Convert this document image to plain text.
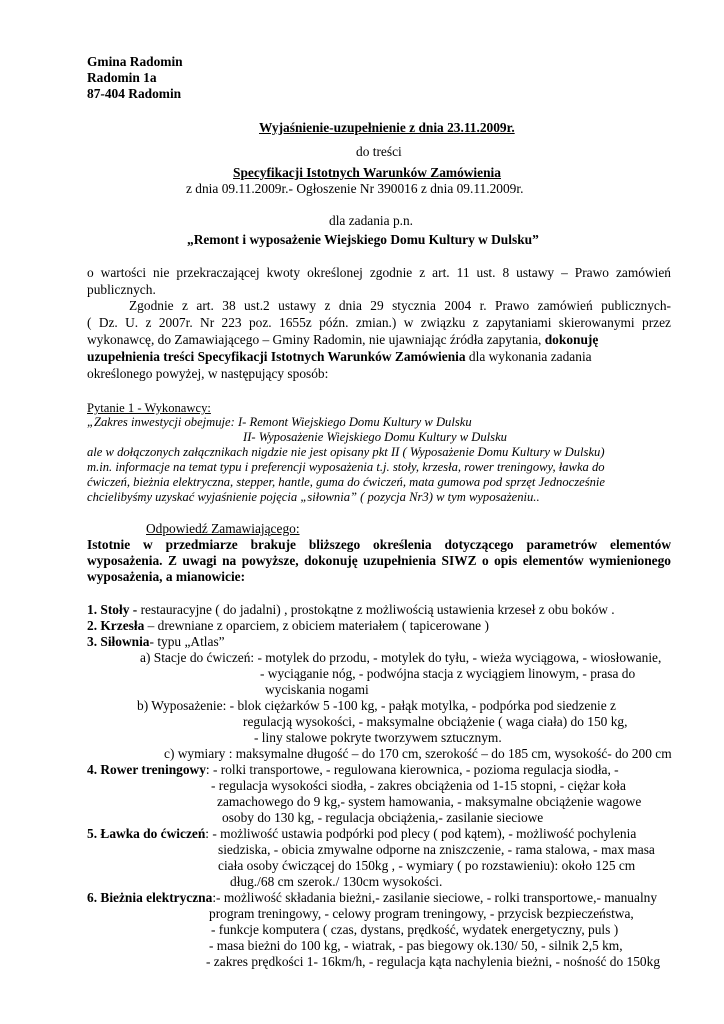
Gmina Radomin
Radomin 1a
87-404 Radomin
Wyjaśnienie-uzupełnienie z dnia 23.11.2009r.
do treści
Specyfikacji Istotnych Warunków Zamówienia
z dnia 09.11.2009r.- Ogłoszenie Nr 390016 z dnia 09.11.2009r.
dla zadania p.n.
„Remont i wyposażenie Wiejskiego Domu Kultury w Dulsku”
o wartości nie przekraczającej kwoty określonej zgodnie z art. 11 ust. 8 ustawy – Prawo zamówień
publicznych.
Zgodnie z art. 38 ust.2 ustawy z dnia 29 stycznia 2004 r. Prawo zamówień publicznych-
( Dz. U. z 2007r. Nr 223 poz. 1655z późn. zmian.) w związku z zapytaniami skierowanymi przez
wykonawcę, do Zamawiającego – Gminy Radomin, nie ujawniając źródła zapytania, dokonuję
uzupełnienia treści Specyfikacji Istotnych Warunków Zamówienia dla wykonania zadania
określonego powyżej, w następujący sposób:
Pytanie 1 - Wykonawcy:
„Zakres inwestycji obejmuje: I- Remont Wiejskiego Domu Kultury w Dulsku
II- Wyposażenie Wiejskiego Domu Kultury w Dulsku
ale w dołączonych załącznikach nigdzie nie jest opisany pkt II ( Wyposażenie Domu Kultury w Dulsku)
m.in. informacje na temat typu i preferencji wyposażenia t.j. stoły, krzesła, rower treningowy, ławka do
ćwiczeń, bieżnia elektryczna, stepper, hantle, guma do ćwiczeń, mata gumowa pod sprzęt Jednocześnie
chcielibyśmy uzyskać wyjaśnienie pojęcia „siłownia” ( pozycja Nr3) w tym wyposażeniu..
Odpowiedź Zamawiającego:
Istotnie w przedmiarze brakuje bliższego określenia dotyczącego parametrów elementów
wyposażenia. Z uwagi na powyższe, dokonuję uzupełnienia SIWZ o opis elementów wymienionego
wyposażenia, a mianowicie:
1. Stoły - restauracyjne ( do jadalni) , prostokątne z możliwością ustawienia krzeseł z obu boków .
2. Krzesła – drewniane z oparciem, z obiciem materiałem ( tapicerowane )
3. Siłownia- typu „Atlas”
a) Stacje do ćwiczeń: - motylek do przodu, - motylek do tyłu, - wieża wyciągowa, - wiosłowanie,
- wyciąganie nóg, - podwójna stacja z wyciągiem linowym, - prasa do
wyciskania nogami
b) Wyposażenie: - blok ciężarków 5 -100 kg, - pałąk motylka, - podpórka pod siedzenie z
regulacją wysokości, - maksymalne obciążenie ( waga ciała) do 150 kg,
- liny stalowe pokryte tworzywem sztucznym.
c) wymiary : maksymalne długość – do 170 cm, szerokość – do 185 cm, wysokość- do 200 cm
4. Rower treningowy: - rolki transportowe, - regulowana kierownica, - pozioma regulacja siodła, -
- regulacja wysokości siodła, - zakres obciążenia od 1-15 stopni, - ciężar koła
zamachowego do 9 kg,- system hamowania, - maksymalne obciążenie wagowe
osoby do 130 kg, - regulacja obciążenia,- zasilanie sieciowe
5. Ławka do ćwiczeń: - możliwość ustawia podpórki pod plecy ( pod kątem), - możliwość pochylenia
siedziska, - obicia zmywalne odporne na zniszczenie, - rama stalowa, - max masa
ciała osoby ćwiczącej do 150kg , - wymiary ( po rozstawieniu): około 125 cm
dług./68 cm szerok./ 130cm wysokości.
6. Bieżnia elektryczna:- możliwość składania bieżni,- zasilanie sieciowe, - rolki transportowe,- manualny
program treningowy, - celowy program treningowy, - przycisk bezpieczeństwa,
- funkcje komputera ( czas, dystans, prędkość, wydatek energetyczny, puls )
- masa bieżni do 100 kg, - wiatrak, - pas biegowy ok.130/ 50, - silnik 2,5 km,
- zakres prędkości 1- 16km/h, - regulacja kąta nachylenia bieżni, - nośność do 150kg
